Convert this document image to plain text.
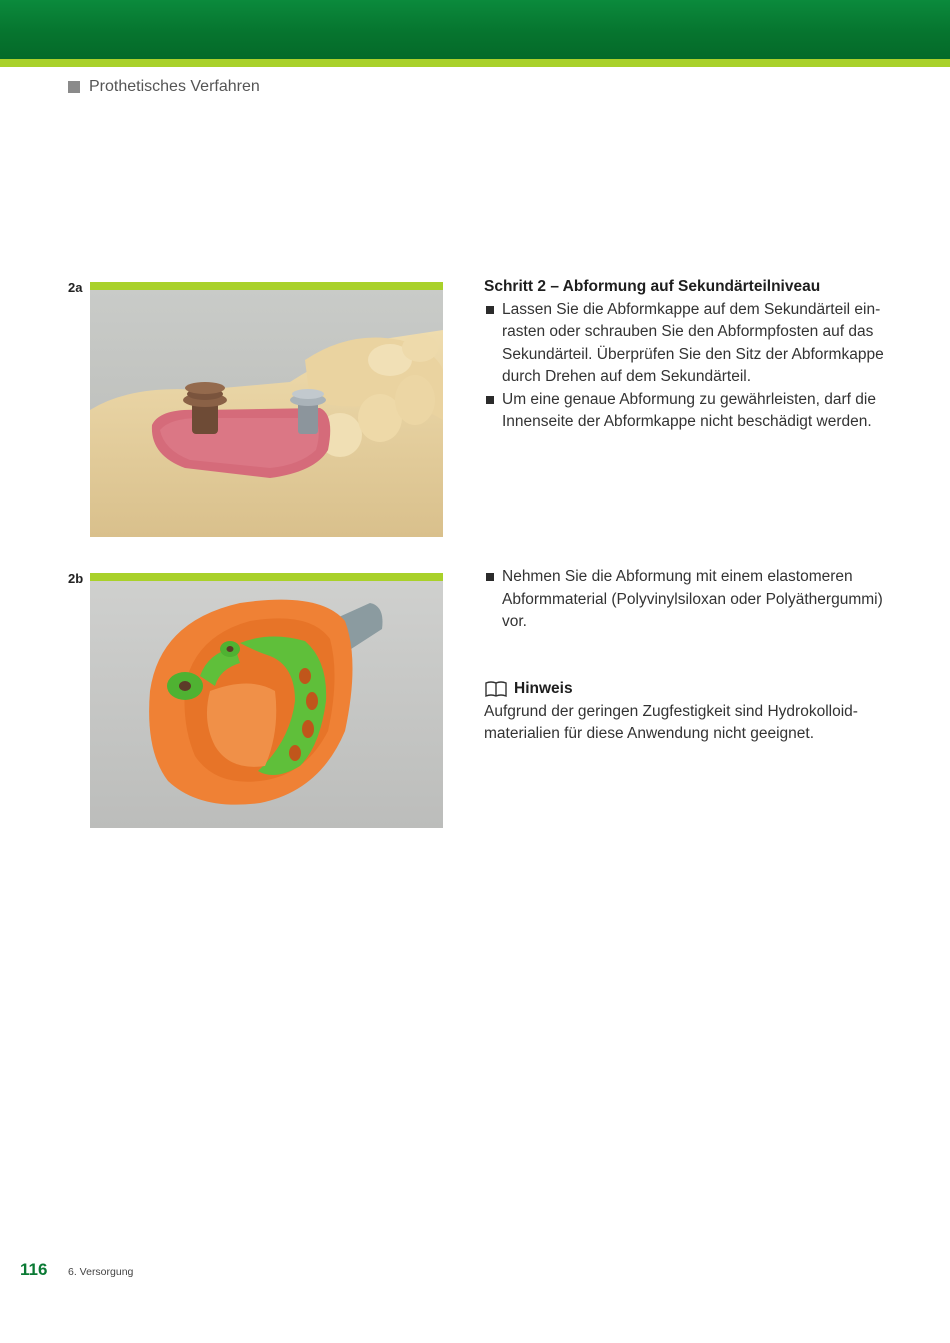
Prothetisches Verfahren
2a	Schritt 2 – Abformung auf Sekundärteilniveau
Lassen Sie die Abformkappe auf dem Sekundärteil ein-
rasten oder schrauben Sie den Abformpfosten auf das
Sekundärteil. Überprüfen Sie den Sitz der Abformkappe
durch Drehen auf dem Sekundärteil.
Um eine genaue Abformung zu gewährleisten, darf die
Innenseite der Abformkappe nicht beschädigt werden.
2b	Nehmen Sie die Abformung mit einem elastomeren
Abformmaterial (Polyvinylsiloxan oder Polyäthergummi) vor.
Hinweis
Aufgrund der geringen Zugfestigkeit sind Hydrokolloid-
materialien für diese Anwendung nicht geeignet.
116 6. Versorgung
